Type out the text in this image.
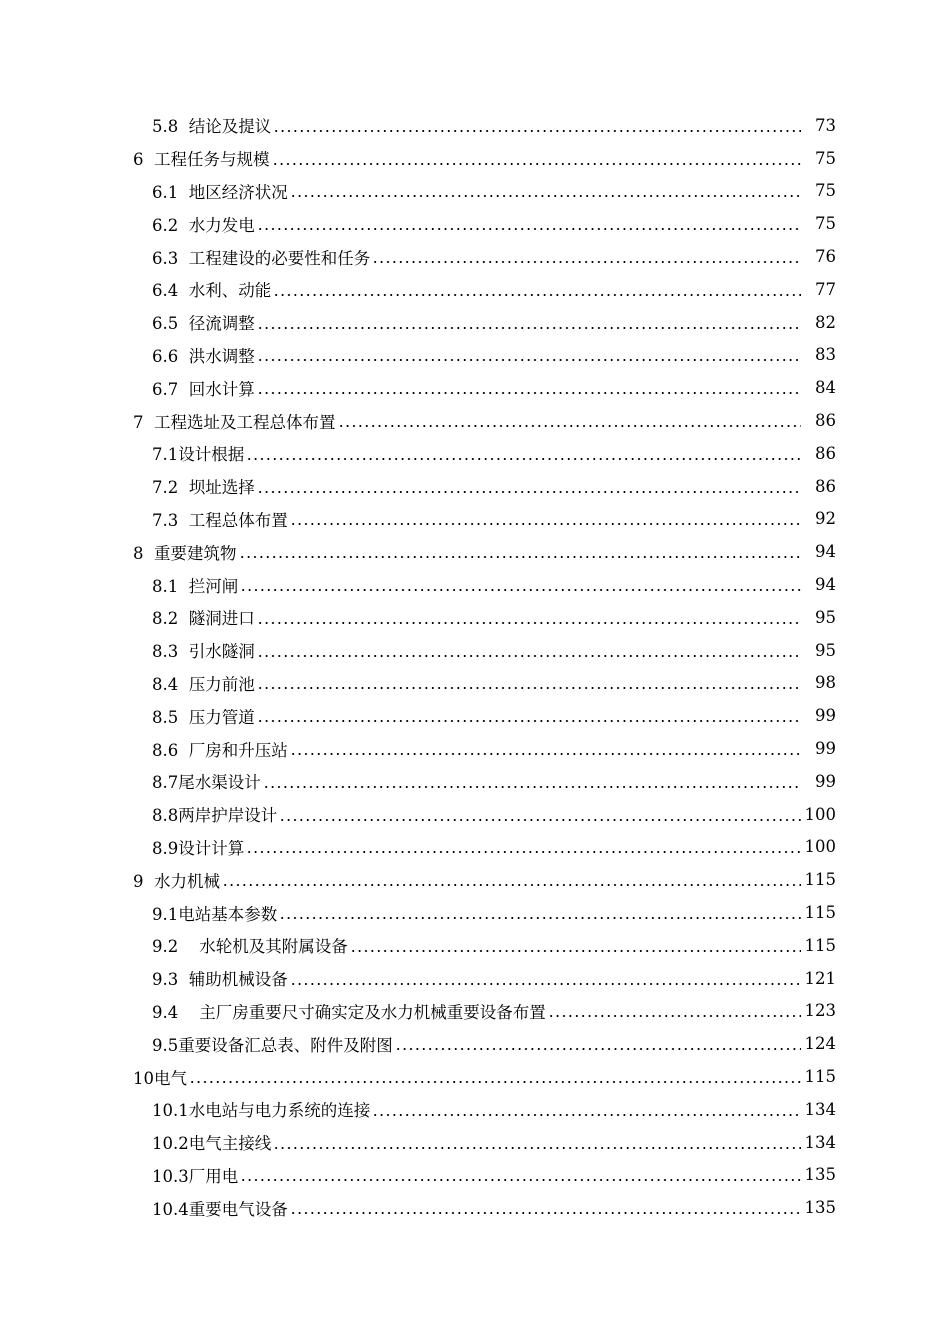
5.8  结论及提议	73
6  工程任务与规模	75
6.1  地区经济状况	75
6.2  水力发电	75
6.3  工程建设的必要性和任务	76
6.4  水利、动能	77
6.5  径流调整	82
6.6  洪水调整	83
6.7  回水计算	84
7  工程选址及工程总体布置	86
7.1设计根据	86
7.2  坝址选择	86
7.3  工程总体布置	92
8  重要建筑物	94
8.1  拦河闸	94
8.2  隧洞进口	95
8.3  引水隧洞	95
8.4  压力前池	98
8.5  压力管道	99
8.6  厂房和升压站	99
8.7尾水渠设计	99
8.8两岸护岸设计	100
8.9设计计算	100
9  水力机械	115
9.1电站基本参数	115
9.2    水轮机及其附属设备	115
9.3  辅助机械设备	121
9.4    主厂房重要尺寸确实定及水力机械重要设备布置	123
9.5重要设备汇总表、附件及附图	124
10电气	115
10.1水电站与电力系统的连接	134
10.2电气主接线	134
10.3厂用电	135
10.4重要电气设备	135
